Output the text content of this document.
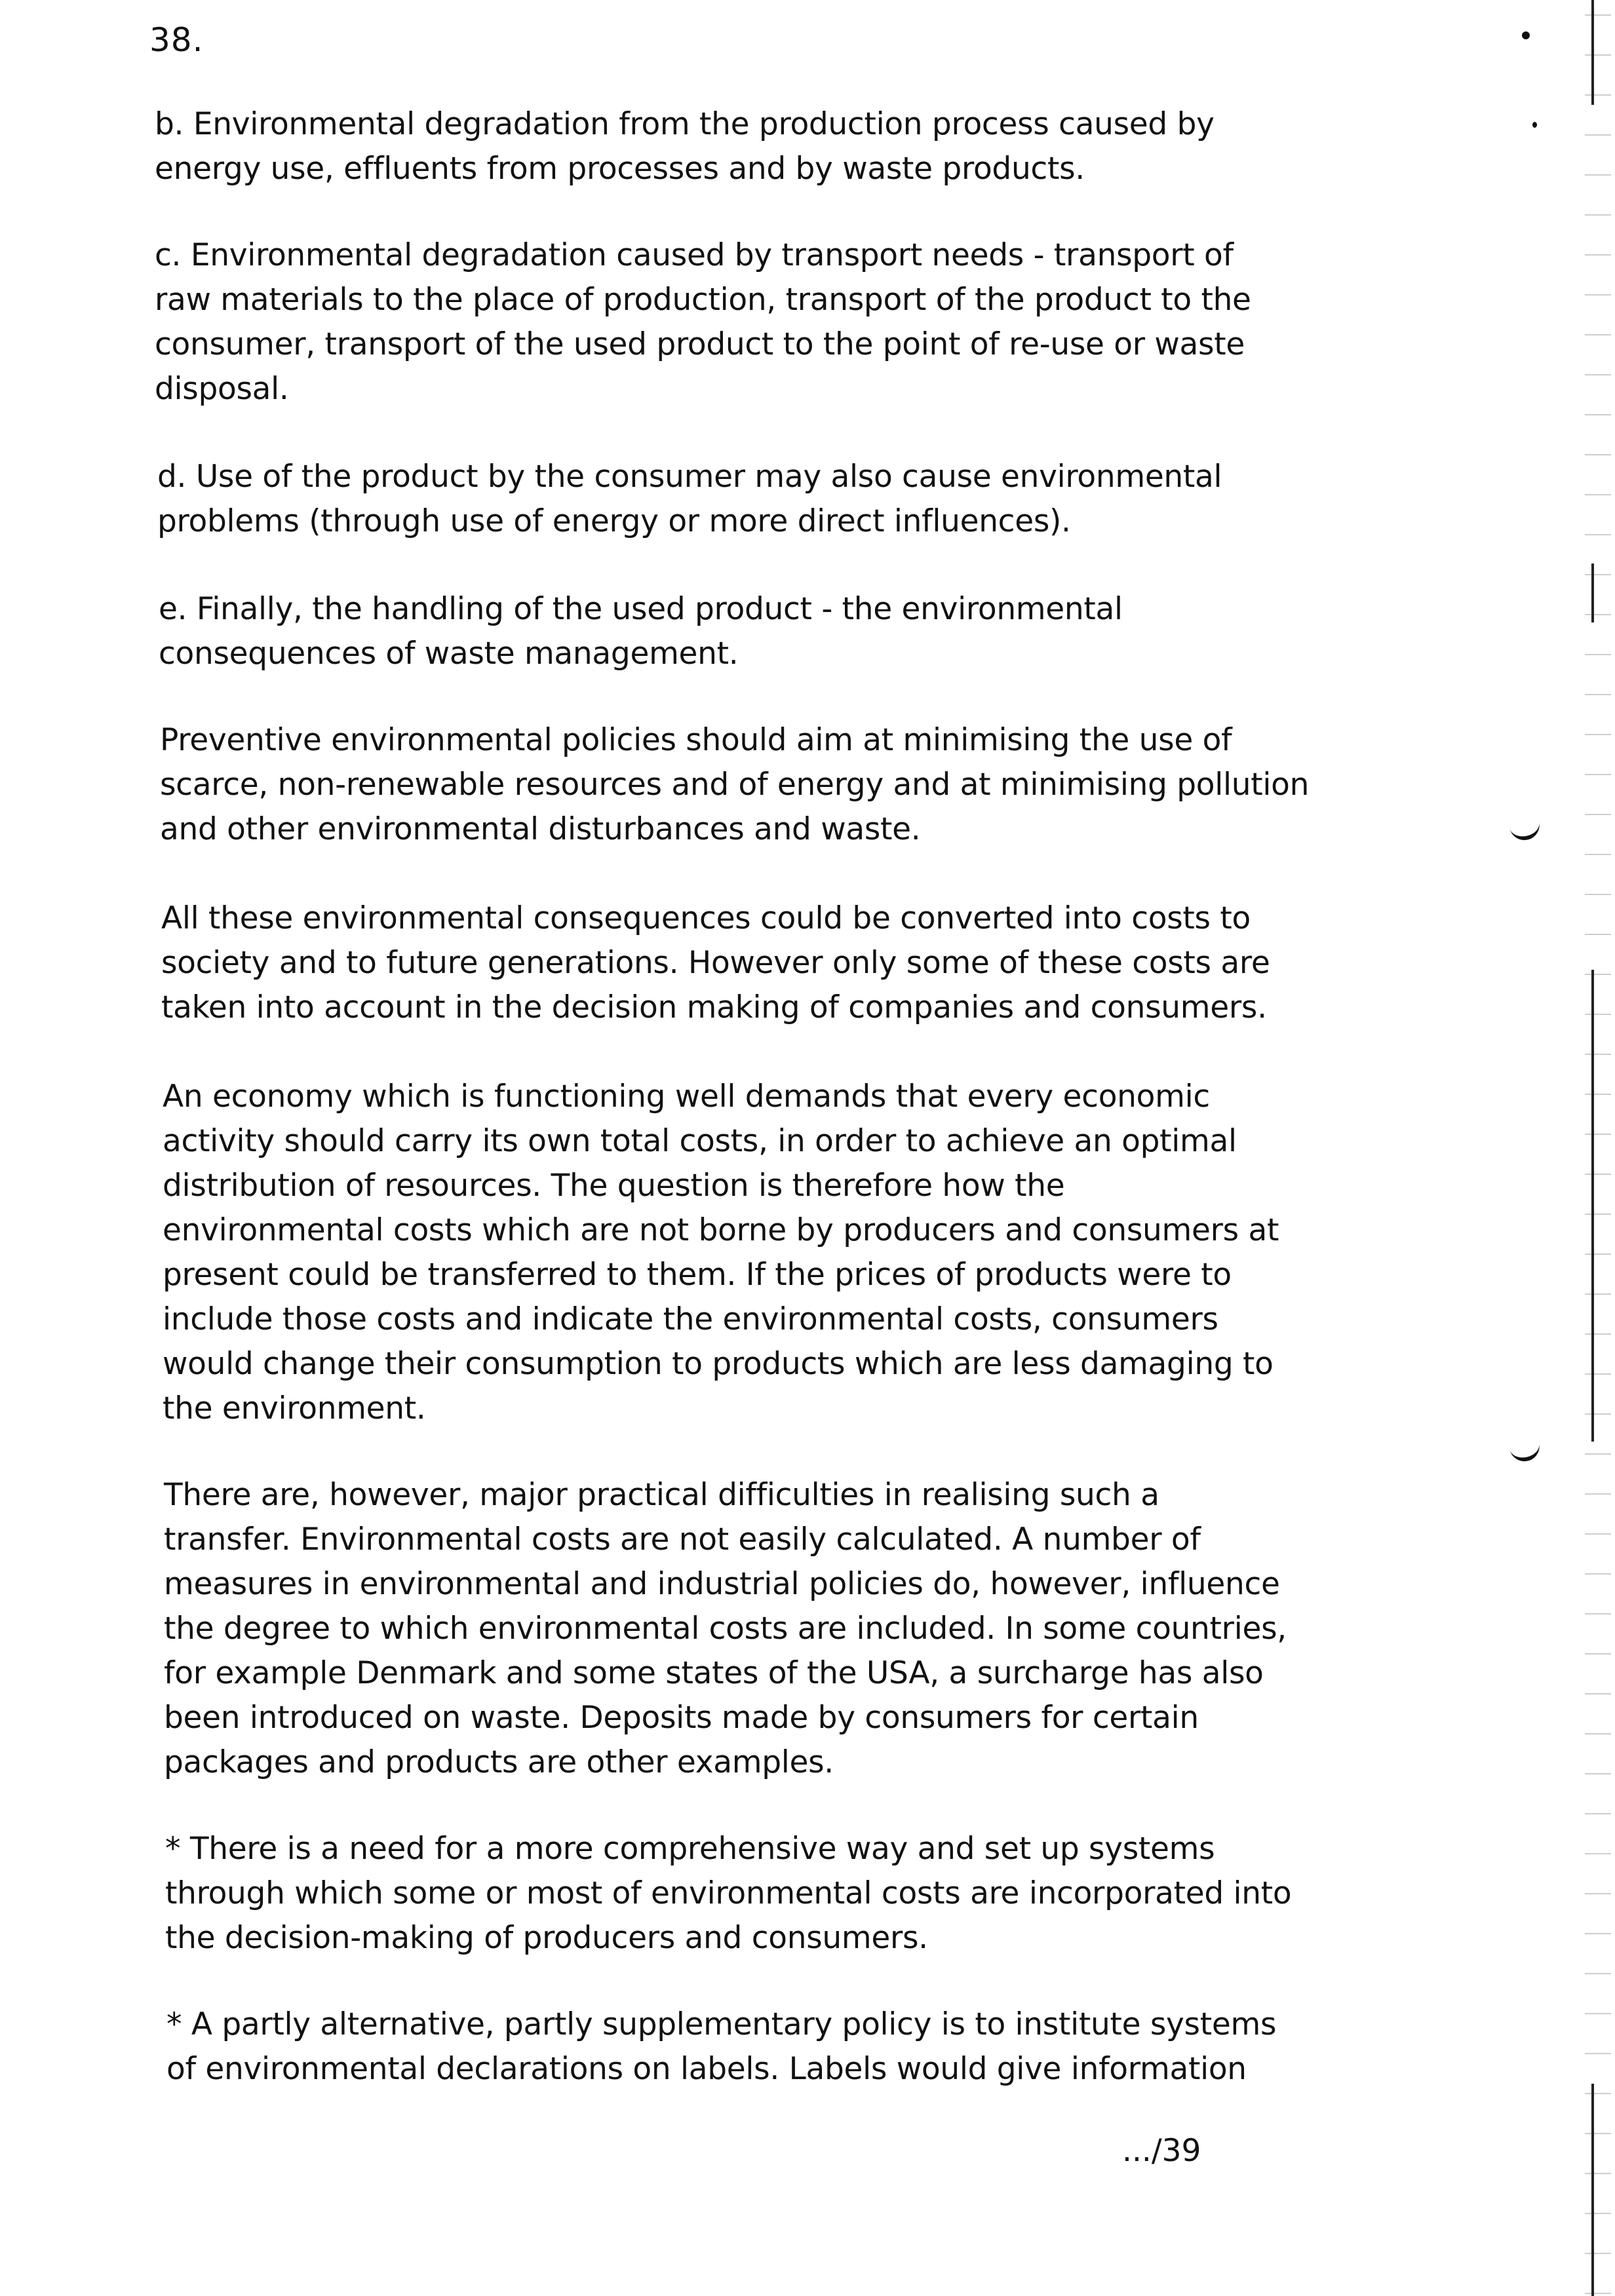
38.

b. Environmental degradation from the production process caused by
energy use, effluents from processes and by waste products.

c. Environmental degradation caused by transport needs - transport of
raw materials to the place of production, transport of the product to the
consumer, transport of the used product to the point of re-use or waste
disposal.

d. Use of the product by the consumer may also cause environmental
problems (through use of energy or more direct influences).

e. Finally, the handling of the used product - the environmental
consequences of waste management.

Preventive environmental policies should aim at minimising the use of
scarce, non-renewable resources and of energy and at minimising pollution
and other environmental disturbances and waste.

All these environmental consequences could be converted into costs to
society and to future generations. However only some of these costs are
taken into account in the decision making of companies and consumers.

An economy which is functioning well demands that every economic
activity should carry its own total costs, in order to achieve an optimal
distribution of resources. The question is therefore how the
environmental costs which are not borne by producers and consumers at
present could be transferred to them. If the prices of products were to
include those costs and indicate the environmental costs, consumers
would change their consumption to products which are less damaging to
the environment.

There are, however, major practical difficulties in realising such a
transfer. Environmental costs are not easily calculated. A number of
measures in environmental and industrial policies do, however, influence
the degree to which environmental costs are included. In some countries,
for example Denmark and some states of the USA, a surcharge has also
been introduced on waste. Deposits made by consumers for certain
packages and products are other examples.

* There is a need for a more comprehensive way and set up systems
through which some or most of environmental costs are incorporated into
the decision-making of producers and consumers.

* A partly alternative, partly supplementary policy is to institute systems
of environmental declarations on labels. Labels would give information

.../39
